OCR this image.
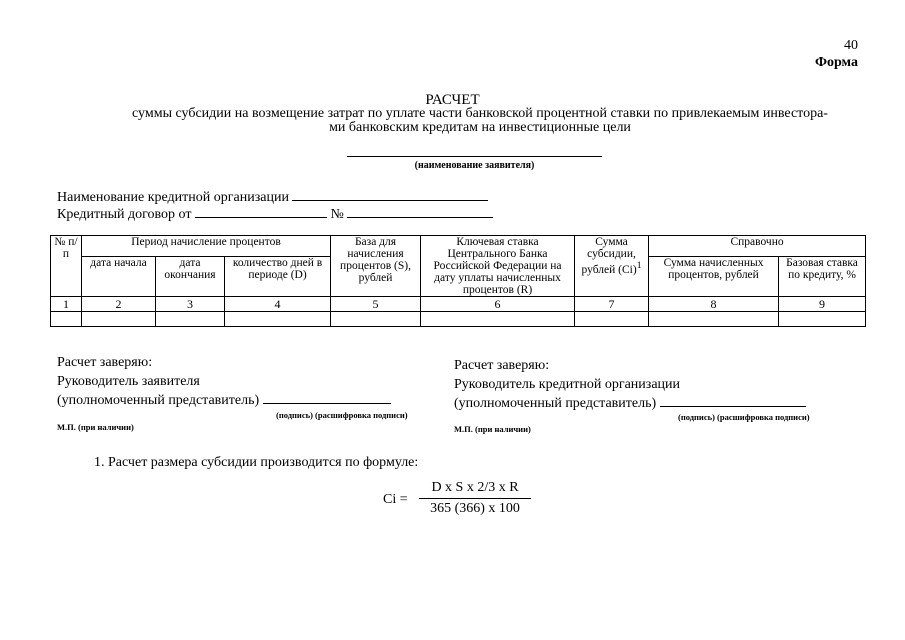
40
Форма
РАСЧЕТ
суммы субсидии на возмещение затрат по уплате части банковской процентной ставки по привлекаемым инвестора-
ми банковским кредитам на инвестиционные цели
(наименование заявителя)
Наименование кредитной организации
Кредитный договор от	№
№ п/п	Период начисление процентов			База для начисления процентов (S), рублей	Ключевая ставка Центрального Банка Российской Федерации на дату уплаты начисленных процентов (R)	Сумма субсидии, рублей $(Ci)^1$	Справочно	
	дата начала	дата окончания	количество дней в периоде (D)				Сумма начисленных процентов, рублей	Базовая ставка по кредиту, %
1	2	3	4	5	6	7	8	9

Расчет заверяю:
Руководитель заявителя
(уполномоченный представитель)
(подпись) (расшифровка подписи)
М.П. (при наличии)
Расчет заверяю:
Руководитель кредитной организации
(уполномоченный представитель)
(подпись) (расшифровка подписи)
М.П. (при наличии)
1. Расчет размера субсидии производится по формуле:
$Ci = \frac{\text{D x S x 2/3 x R}}{365 (366) x 100}$
